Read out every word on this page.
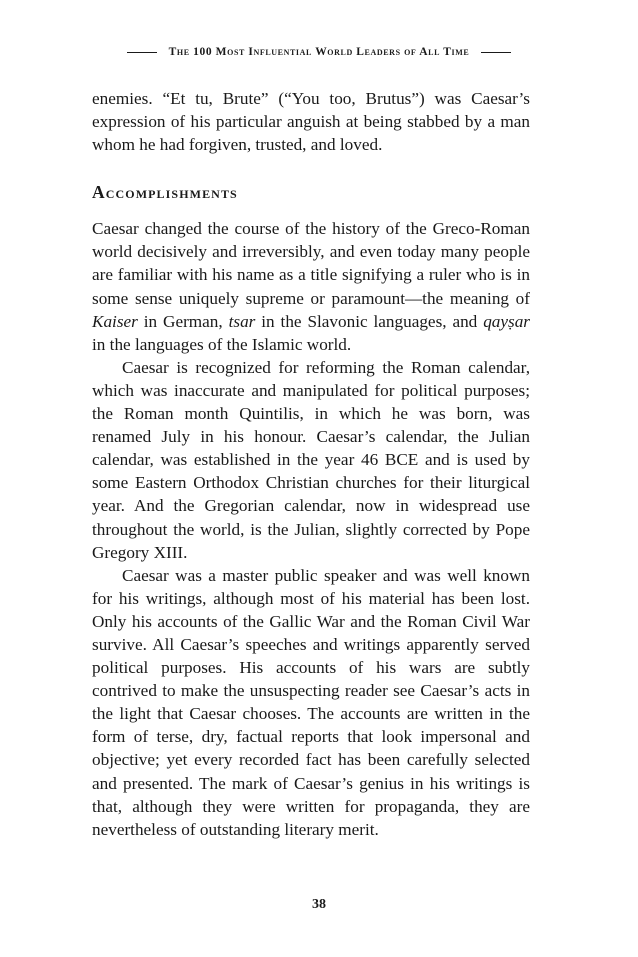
The 100 Most Influential World Leaders of All Time

enemies. “Et tu, Brute” (“You too, Brutus”) was Caesar’s expression of his particular anguish at being stabbed by a man whom he had forgiven, trusted, and loved.

Accomplishments

Caesar changed the course of the history of the Greco-Roman world decisively and irreversibly, and even today many people are familiar with his name as a title signifying a ruler who is in some sense uniquely supreme or paramount—the meaning of Kaiser in German, tsar in the Slavonic languages, and qayṣar in the languages of the Islamic world.

Caesar is recognized for reforming the Roman calendar, which was inaccurate and manipulated for political purposes; the Roman month Quintilis, in which he was born, was renamed July in his honour. Caesar’s calendar, the Julian calendar, was established in the year 46 BCE and is used by some Eastern Orthodox Christian churches for their liturgical year. And the Gregorian calendar, now in widespread use throughout the world, is the Julian, slightly corrected by Pope Gregory XIII.

Caesar was a master public speaker and was well known for his writings, although most of his material has been lost. Only his accounts of the Gallic War and the Roman Civil War survive. All Caesar’s speeches and writings apparently served political purposes. His accounts of his wars are subtly contrived to make the unsuspecting reader see Caesar’s acts in the light that Caesar chooses. The accounts are written in the form of terse, dry, factual reports that look impersonal and objective; yet every recorded fact has been carefully selected and presented. The mark of Caesar’s genius in his writings is that, although they were written for propaganda, they are nevertheless of outstanding literary merit.

38
